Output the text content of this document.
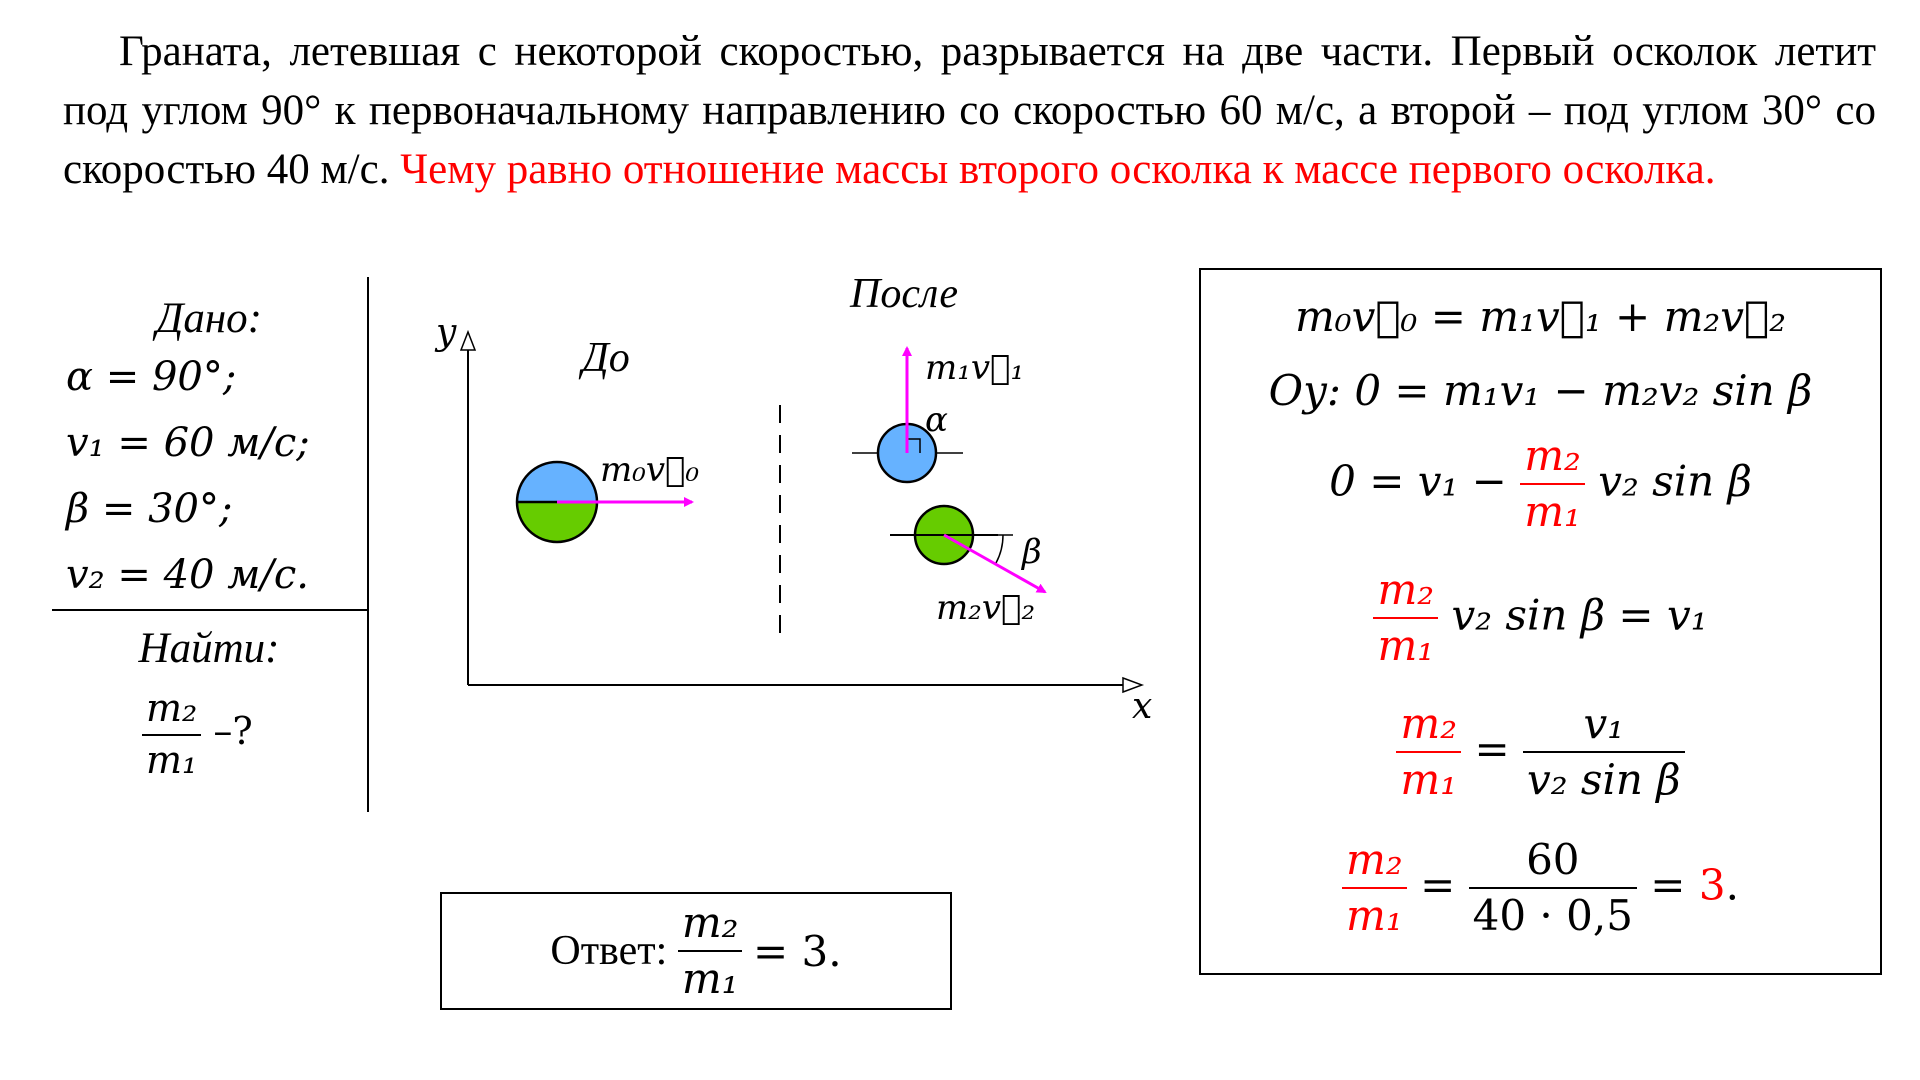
Граната, летевшая с некоторой скоростью, разрывается на две части. Первый осколок летит под углом 90° к первоначальному направлению со скоростью 60 м/с, а второй – под углом 30° со скоростью 40 м/с. Чему равно отношение массы второго осколка к массе первого осколка.
Дано:
α = 90°;
v₁ = 60 м/с;
β = 30°;
v₂ = 40 м/с.
Найти:
$\frac{\text{m₂}}{\text{m₁}}$ –?
До
После
y
x
m₀v⃗₀
m₁v⃗₁
α
β
m₂v⃗₂
Ответ:
$\frac{\text{m₂}}{\text{m₁}}$
= 3.
m₀v⃗₀ = m₁v⃗₁ + m₂v⃗₂
Oy: 0 = m₁v₁ − m₂v₂ sin β
$0 = v_1 - \frac{\text{m₂}}{\text{m₁}} v_2$ sin β
$\frac{\text{m₂}}{\text{m₁}} v_2$ sin β = v₁
$\frac{\text{m₂}}{\text{m₁}} = \frac{\text{v₁}}{\text{v₂ sin β}}$
$\frac{\text{m₂}}{\text{m₁}} = \frac{60}{40 \cdot 0,5} = 3$.
